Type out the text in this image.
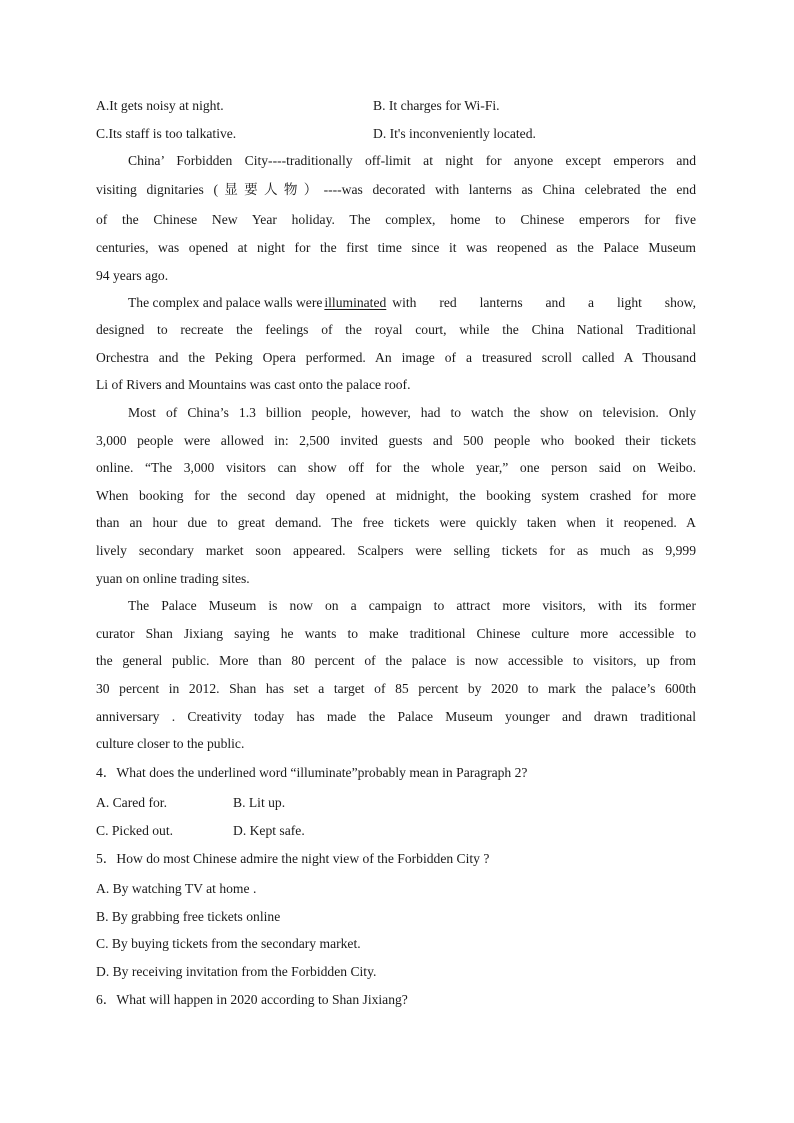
A.It gets noisy at night.	B. It charges for Wi-Fi.
C.Its staff is too talkative.	D. It's inconveniently located.
China’ Forbidden City----traditionally off-limit at night for anyone except emperors and
visiting dignitaries (显要人物）----was decorated with lanterns as China celebrated the end
of the Chinese New Year holiday. The complex, home to Chinese emperors for five
centuries, was opened at night for the first time since it was reopened as the Palace Museum
94 years ago.
The complex and palace walls were illuminated with red lanterns and a light show,
designed to recreate the feelings of the royal court, while the China National Traditional
Orchestra and the Peking Opera performed. An image of a treasured scroll called A Thousand
Li of Rivers and Mountains was cast onto the palace roof.
Most of China’s 1.3 billion people, however, had to watch the show on television. Only
3,000 people were allowed in: 2,500 invited guests and 500 people who booked their tickets
online. “The 3,000 visitors can show off for the whole year,” one person said on Weibo.
When booking for the second day opened at midnight, the booking system crashed for more
than an hour due to great demand. The free tickets were quickly taken when it reopened. A
lively secondary market soon appeared. Scalpers were selling tickets for as much as 9,999
yuan on online trading sites.
The Palace Museum is now on a campaign to attract more visitors, with its former
curator Shan Jixiang saying he wants to make traditional Chinese culture more accessible to
the general public. More than 80 percent of the palace is now accessible to visitors, up from
30 percent in 2012. Shan has set a target of 85 percent by 2020 to mark the palace’s 600th
anniversary . Creativity today has made the Palace Museum younger and drawn traditional
culture closer to the public.
4．What does the underlined word “illuminate”probably mean in Paragraph 2?
A. Cared for.	B. Lit up.
C. Picked out.	D. Kept safe.
5．How do most Chinese admire the night view of the Forbidden City ?
A. By watching TV at home .
B. By grabbing free tickets online
C. By buying tickets from the secondary market.
D. By receiving invitation from the Forbidden City.
6．What will happen in 2020 according to Shan Jixiang?
